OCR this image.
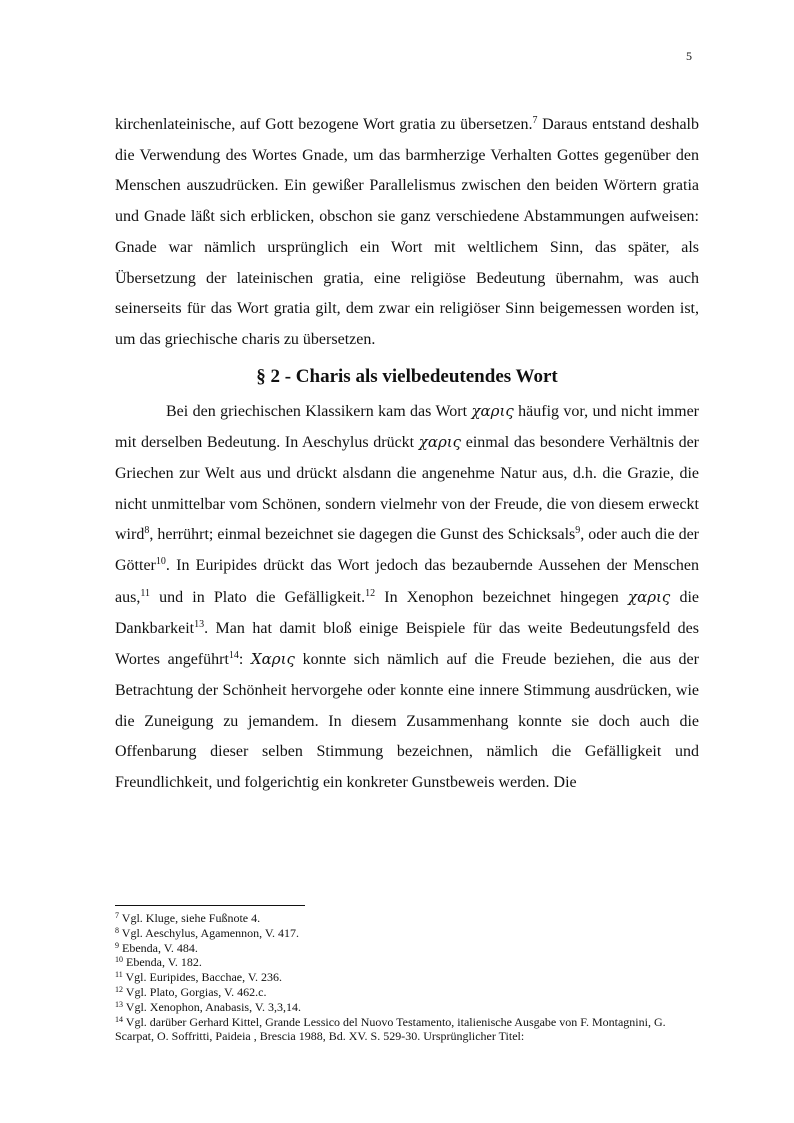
5

kirchenlateinische, auf Gott bezogene Wort gratia zu übersetzen.$^7$ Daraus entstand deshalb die Verwendung des Wortes Gnade, um das barmherzige Verhalten Gottes gegenüber den Menschen auszudrücken. Ein gewißer Parallelismus zwischen den beiden Wörtern gratia und Gnade läßt sich erblicken, obschon sie ganz verschiedene Abstammungen aufweisen: Gnade war nämlich ursprünglich ein Wort mit weltlichem Sinn, das später, als Übersetzung der lateinischen gratia, eine religiöse Bedeutung übernahm, was auch seinerseits für das Wort gratia gilt, dem zwar ein religiöser Sinn beigemessen worden ist, um das griechische charis zu übersetzen.

§ 2 - Charis als vielbedeutendes Wort

Bei den griechischen Klassikern kam das Wort χαρις häufig vor, und nicht immer mit derselben Bedeutung. In Aeschylus drückt χαρις einmal das besondere Verhältnis der Griechen zur Welt aus und drückt alsdann die angenehme Natur aus, d.h. die Grazie, die nicht unmittelbar vom Schönen, sondern vielmehr von der Freude, die von diesem erweckt wird$^8$, herrührt; einmal bezeichnet sie dagegen die Gunst des Schicksals$^9$, oder auch die der Götter$^{10}$. In Euripides drückt das Wort jedoch das bezaubernde Aussehen der Menschen aus,$^{11}$ und in Plato die Gefälligkeit.$^{12}$ In Xenophon bezeichnet hingegen χαρις die Dankbarkeit$^{13}$. Man hat damit bloß einige Beispiele für das weite Bedeutungsfeld des Wortes angeführt$^{14}$: Χαρις konnte sich nämlich auf die Freude beziehen, die aus der Betrachtung der Schönheit hervorgehe oder konnte eine innere Stimmung ausdrücken, wie die Zuneigung zu jemandem. In diesem Zusammenhang konnte sie doch auch die Offenbarung dieser selben Stimmung bezeichnen, nämlich die Gefälligkeit und Freundlichkeit, und folgerichtig ein konkreter Gunstbeweis werden. Die

$^7$ Vgl. Kluge, siehe Fußnote 4.

$^8$ Vgl. Aeschylus, Agamennon, V. 417.

$^9$ Ebenda, V. 484.

$^{10}$ Ebenda, V. 182.

$^{11}$ Vgl. Euripides, Bacchae, V. 236.

$^{12}$ Vgl. Plato, Gorgias, V. 462.c.

$^{13}$ Vgl. Xenophon, Anabasis, V. 3,3,14.

$^{14}$ Vgl. darüber Gerhard Kittel, Grande Lessico del Nuovo Testamento, italienische Ausgabe von F. Montagnini, G. Scarpat, O. Soffritti, Paideia , Brescia 1988, Bd. XV. S. 529-30. Ursprünglicher Titel:
